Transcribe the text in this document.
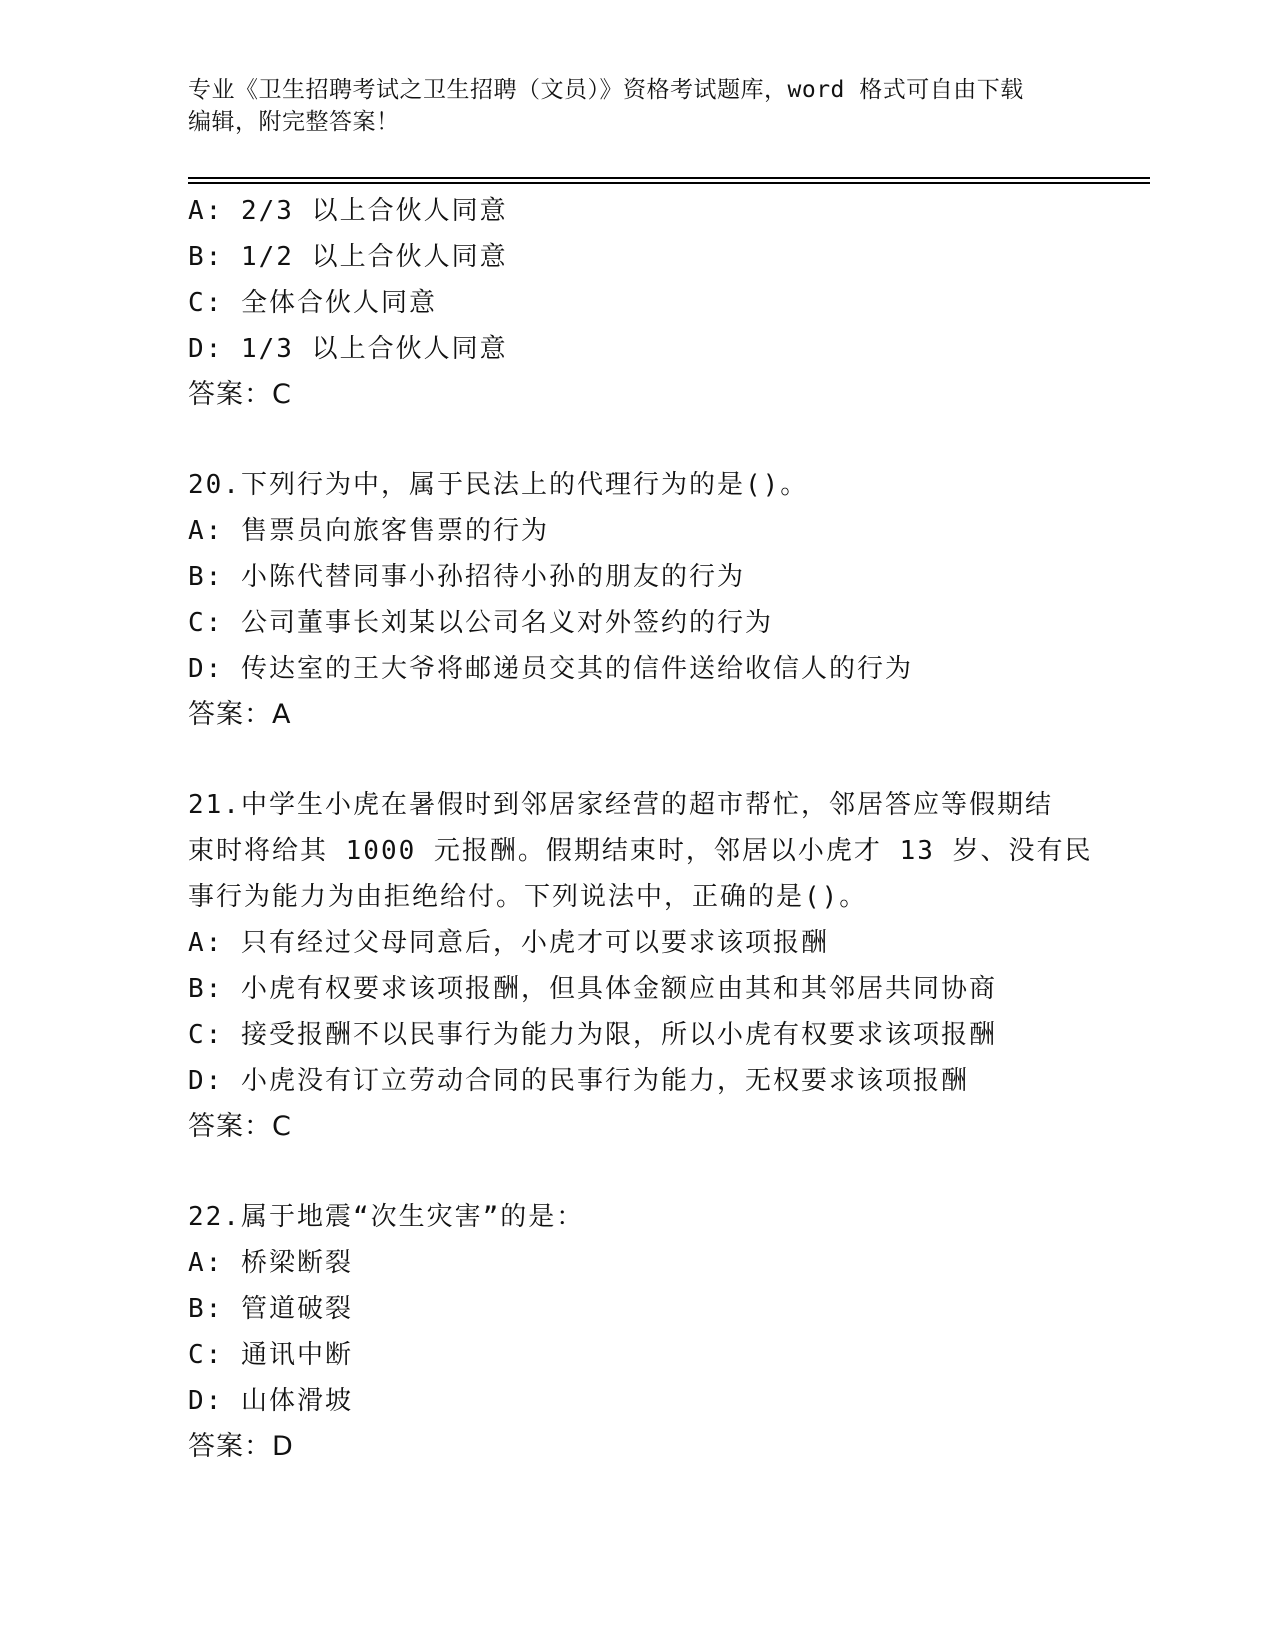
专业《卫生招聘考试之卫生招聘（文员）》资格考试题库，word 格式可自由下载
编辑，附完整答案！
A: 2/3 以上合伙人同意
B: 1/2 以上合伙人同意
C: 全体合伙人同意
D: 1/3 以上合伙人同意
答案：C
20.下列行为中，属于民法上的代理行为的是()。
A: 售票员向旅客售票的行为
B: 小陈代替同事小孙招待小孙的朋友的行为
C: 公司董事长刘某以公司名义对外签约的行为
D: 传达室的王大爷将邮递员交其的信件送给收信人的行为
答案：A
21.中学生小虎在暑假时到邻居家经营的超市帮忙，邻居答应等假期结
束时将给其 1000 元报酬。假期结束时，邻居以小虎才 13 岁、没有民
事行为能力为由拒绝给付。下列说法中，正确的是()。
A: 只有经过父母同意后，小虎才可以要求该项报酬
B: 小虎有权要求该项报酬，但具体金额应由其和其邻居共同协商
C: 接受报酬不以民事行为能力为限，所以小虎有权要求该项报酬
D: 小虎没有订立劳动合同的民事行为能力，无权要求该项报酬
答案：C
22.属于地震“次生灾害”的是：
A: 桥梁断裂
B: 管道破裂
C: 通讯中断
D: 山体滑坡
答案：D
